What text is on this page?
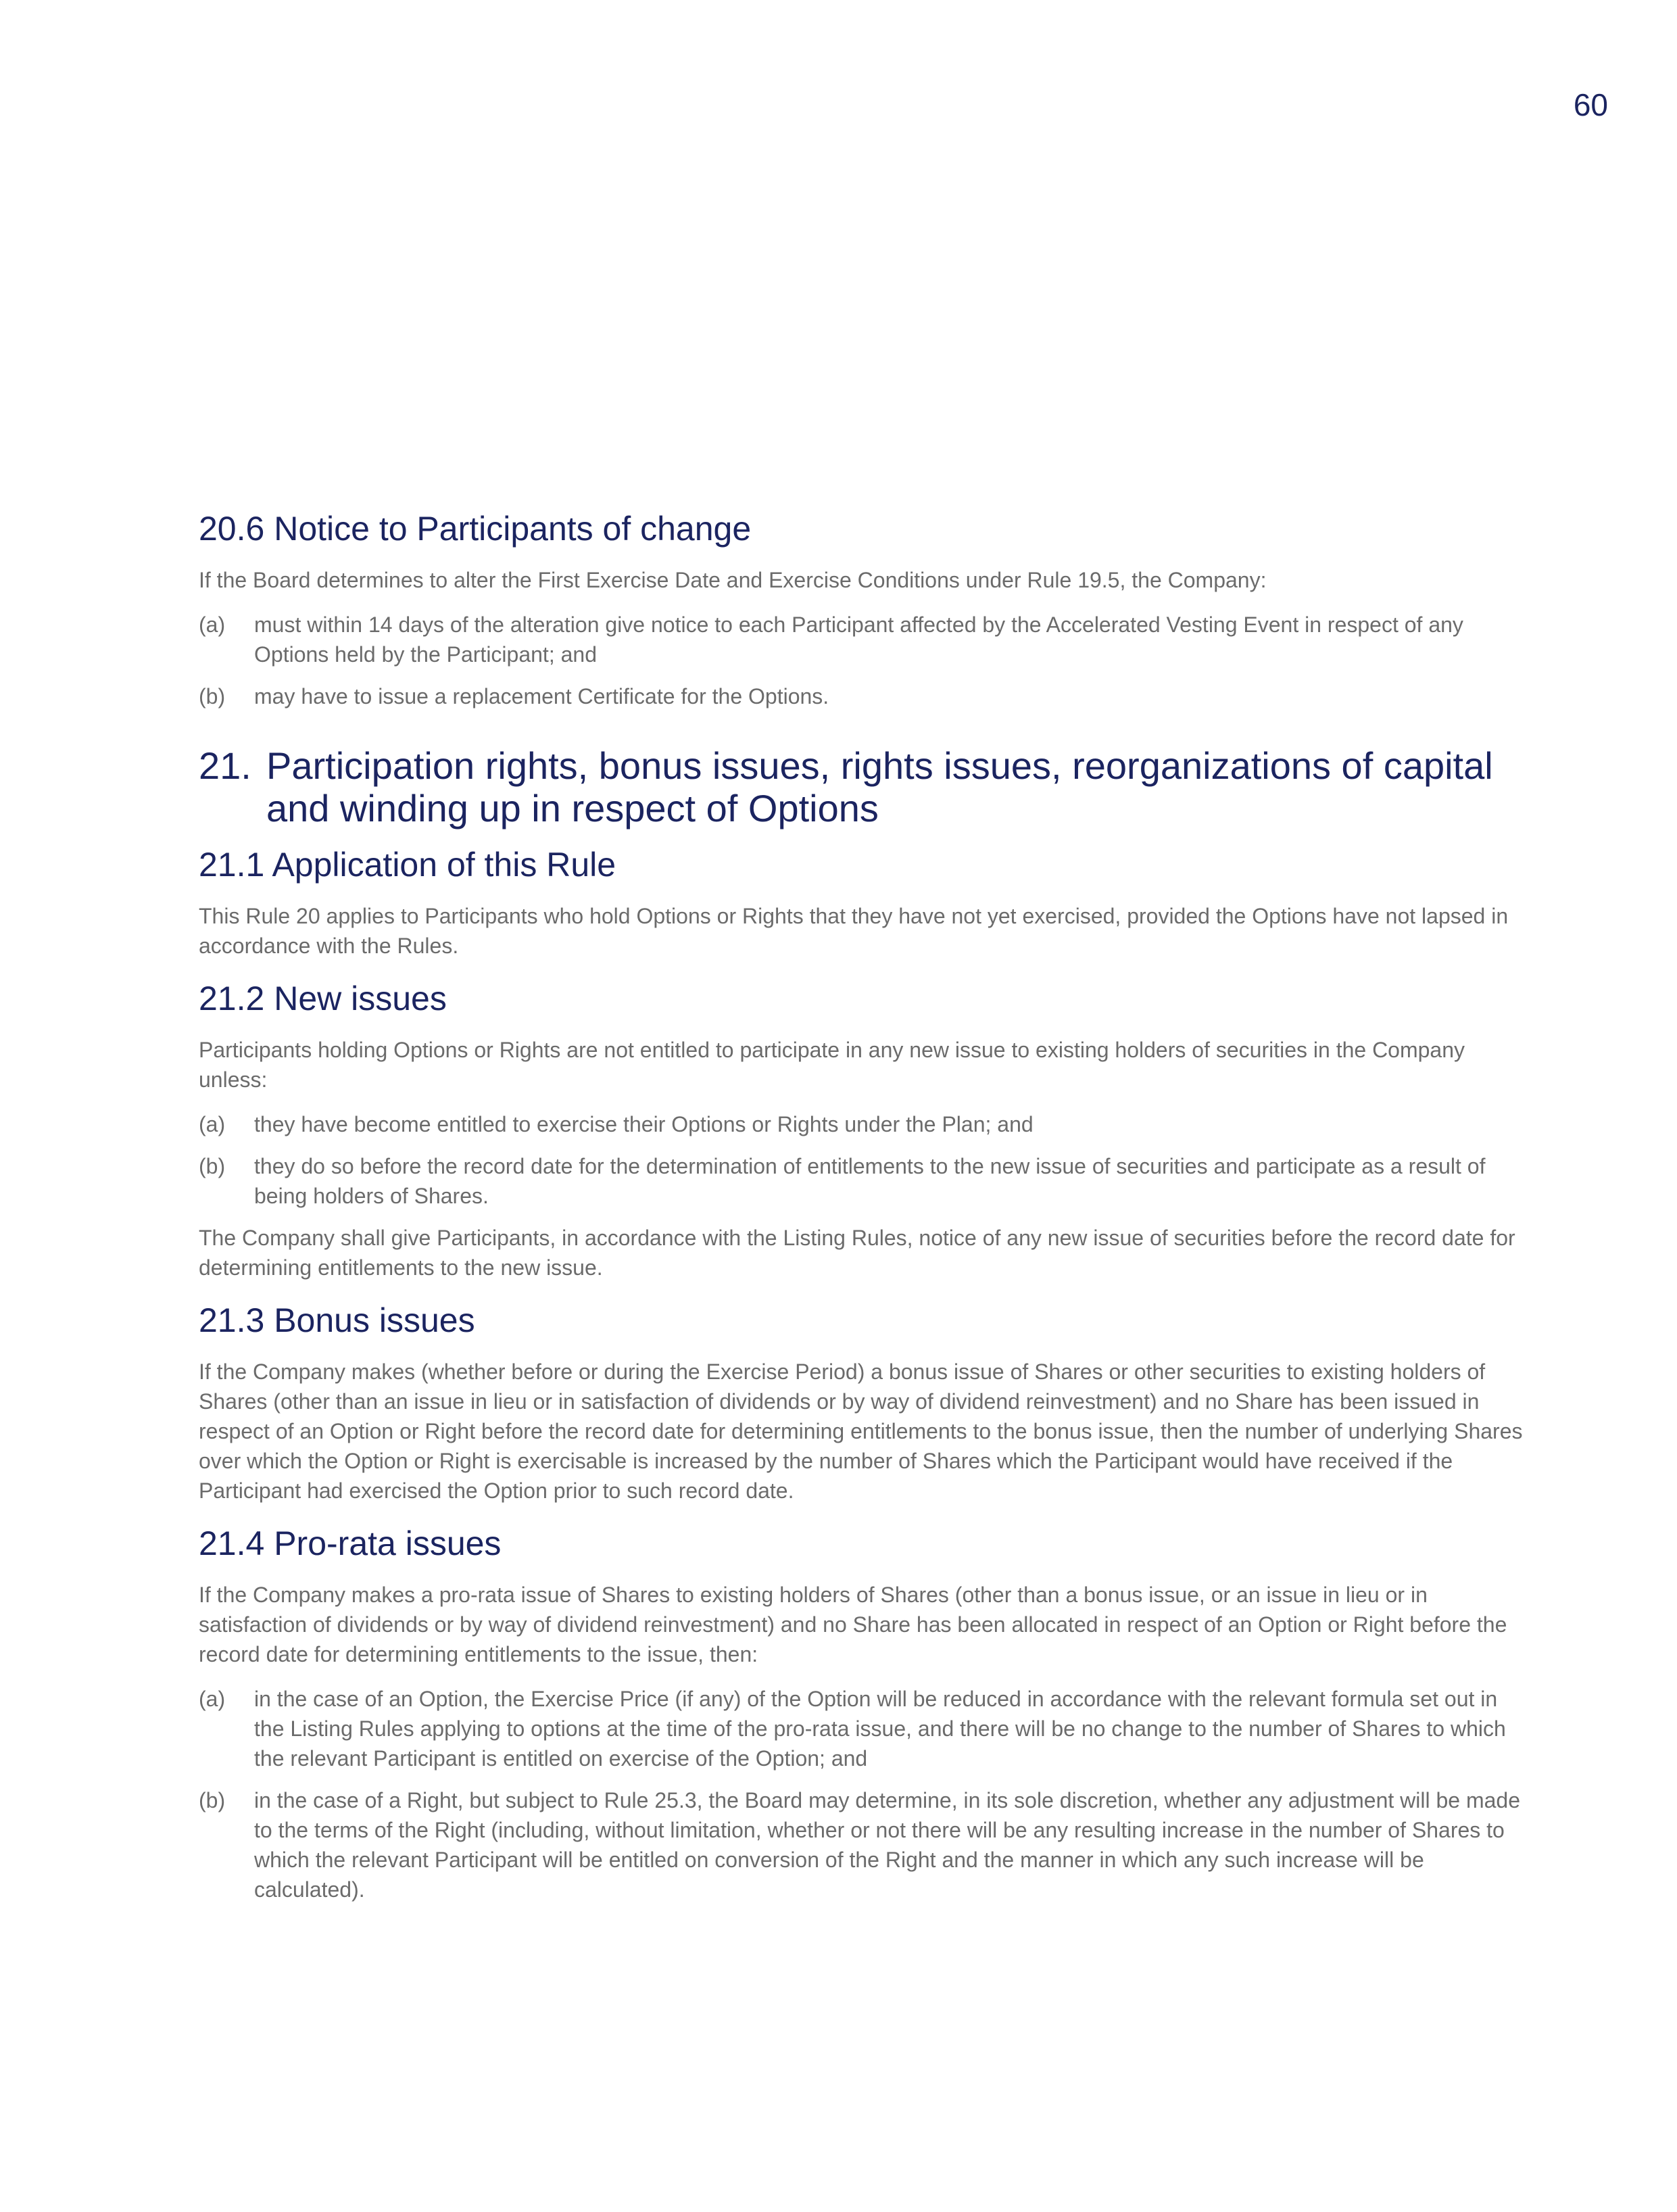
60
20.6 Notice to Participants of change

If the Board determines to alter the First Exercise Date and Exercise Conditions under Rule 19.5, the Company:

(a)	must within 14 days of the alteration give notice to each Participant affected by the Accelerated Vesting Event in respect of any Options held by the Participant; and
(b)	may have to issue a replacement Certificate for the Options.
21. Participation rights, bonus issues, rights issues, reorganizations of capital and winding up in respect of Options
21.1 Application of this Rule

This Rule 20 applies to Participants who hold Options or Rights that they have not yet exercised, provided the Options have not lapsed in accordance with the Rules.

21.2 New issues

Participants holding Options or Rights are not entitled to participate in any new issue to existing holders of securities in the Company unless:

(a)	they have become entitled to exercise their Options or Rights under the Plan; and
(b)	they do so before the record date for the determination of entitlements to the new issue of securities and participate as a result of being holders of Shares.

The Company shall give Participants, in accordance with the Listing Rules, notice of any new issue of securities before the record date for determining entitlements to the new issue.

21.3 Bonus issues

If the Company makes (whether before or during the Exercise Period) a bonus issue of Shares or other securities to existing holders of Shares (other than an issue in lieu or in satisfaction of dividends or by way of dividend reinvestment) and no Share has been issued in respect of an Option or Right before the record date for determining entitlements to the bonus issue, then the number of underlying Shares over which the Option or Right is exercisable is increased by the number of Shares which the Participant would have received if the Participant had exercised the Option prior to such record date.

21.4 Pro-rata issues

If the Company makes a pro-rata issue of Shares to existing holders of Shares (other than a bonus issue, or an issue in lieu or in satisfaction of dividends or by way of dividend reinvestment) and no Share has been allocated in respect of an Option or Right before the record date for determining entitlements to the issue, then:

(a)	in the case of an Option, the Exercise Price (if any) of the Option will be reduced in accordance with the relevant formula set out in the Listing Rules applying to options at the time of the pro-rata issue, and there will be no change to the number of Shares to which the relevant Participant is entitled on exercise of the Option; and
(b)	in the case of a Right, but subject to Rule 25.3, the Board may determine, in its sole discretion, whether any adjustment will be made to the terms of the Right (including, without limitation, whether or not there will be any resulting increase in the number of Shares to which the relevant Participant will be entitled on conversion of the Right and the manner in which any such increase will be calculated).
